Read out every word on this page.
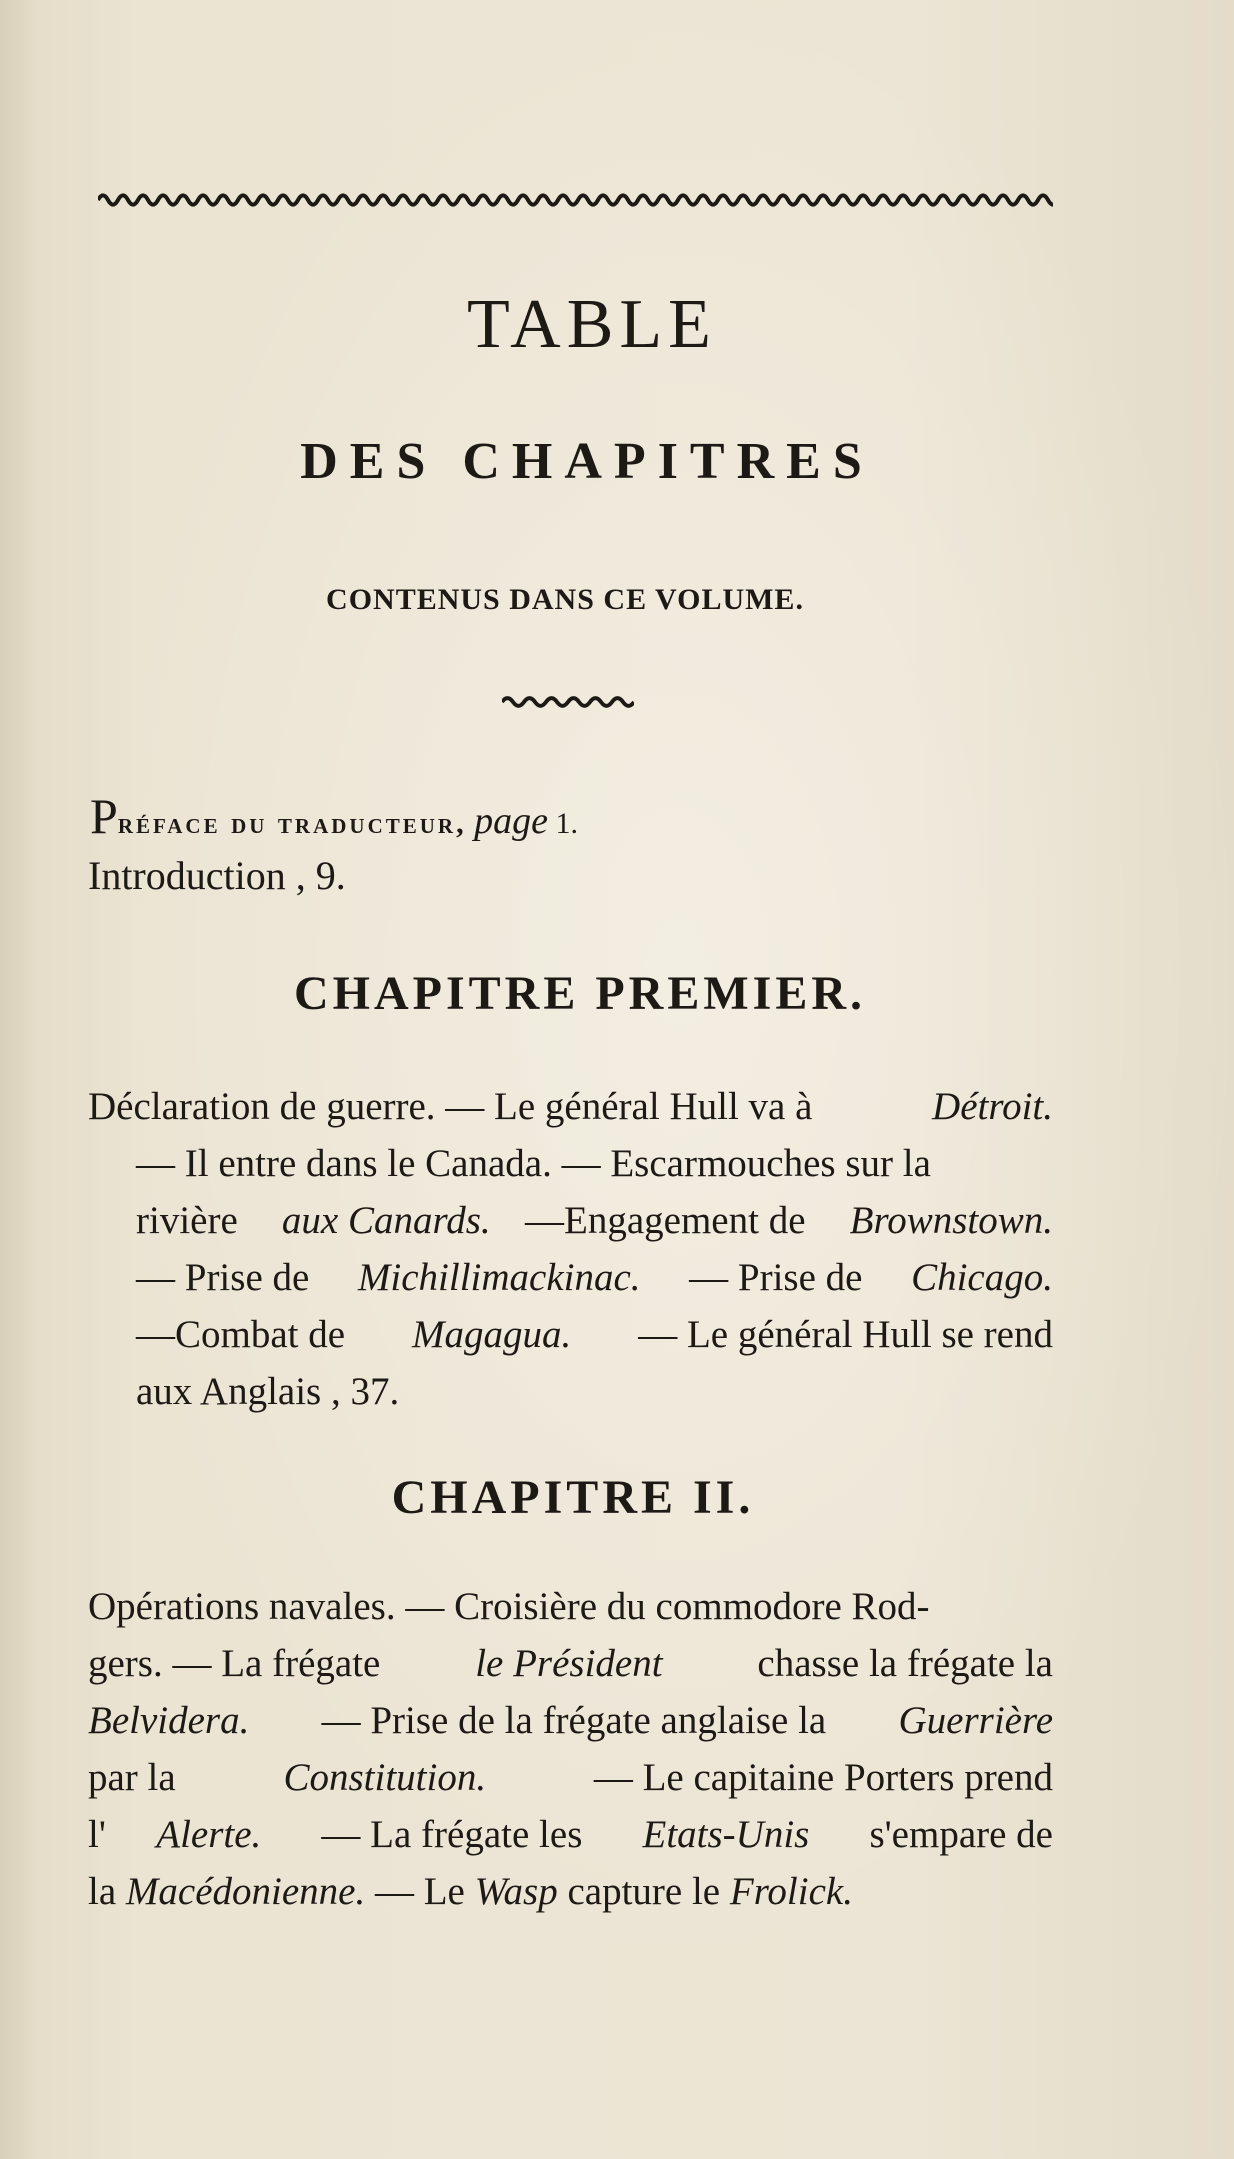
TABLE
DES CHAPITRES
CONTENUS DANS CE VOLUME.
Préface du traducteur, page 1.
Introduction , 9.
CHAPITRE PREMIER.
Déclaration de guerre. — Le général Hull va à	Détroit.
— Il entre dans le Canada. — Escarmouches sur la
rivière aux Canards. —Engagement de Brownstown.
— Prise de Michillimackinac. — Prise de Chicago.
—Combat de Magagua. — Le général Hull se rend
aux Anglais , 37.
CHAPITRE II.
Opérations navales. — Croisière du commodore Rod-
gers. — La frégate le Président chasse la frégate la
Belvidera. — Prise de la frégate anglaise la Guerrière
par la	Constitution.	— Le capitaine Porters prend
l' Alerte. — La frégate les Etats-Unis s'empare de
la Macédonienne. — Le Wasp capture le Frolick.
